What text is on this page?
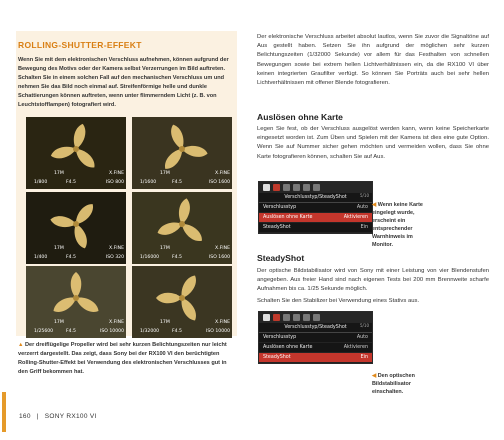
ROLLING-SHUTTER-EFFEKT
Wenn Sie mit dem elektronischen Verschluss aufnehmen, können aufgrund der Bewegung des Motivs oder der Kamera selbst Verzerrungen im Bild auftreten. Schalten Sie in einem solchen Fall auf den mechanischen Verschluss um und nehmen Sie das Bild noch einmal auf. Streifenförmige helle und dunkle Schattierungen können auftreten, wenn unter flimmerndem Licht (z. B. von Leuchtstofflampen) fotografiert wird.
17M	X.FINE
1/800	F4.5	ISO 800
17M	X.FINE
1/1600	F4.5	ISO 1600
17M	X.FINE
1/400	F4.5	ISO 320
17M	X.FINE
1/16000	F4.5	ISO 1600
17M	X.FINE
1/25600	F4.5	ISO 10000
17M	X.FINE
1/32000	F4.5	ISO 10000
▲ Der dreiflügelige Propeller wird bei sehr kurzen Belichtungszeiten nur leicht verzerrt dargestellt. Das zeigt, dass Sony bei der RX100 VI den berüchtigten Rolling-Shutter-Effekt bei Verwendung des elektronischen Verschlusses gut in den Griff bekommen hat.
160 | SONY RX100 VI
Der elektronische Verschluss arbeitet absolut lautlos, wenn Sie zuvor die Signaltöne auf Aus gestellt haben. Setzen Sie ihn aufgrund der möglichen sehr kurzen Belichtungszeiten (1/32000 Sekunde) vor allem für das Festhalten von schnellen Bewegungen sowie bei extrem hellen Lichtverhältnissen ein, da die RX100 VI über keinen integrierten Graufilter verfügt. So können Sie Porträts auch bei sehr hellen Lichtverhältnissen mit offener Blende fotografieren.
Auslösen ohne Karte
Legen Sie fest, ob der Verschluss ausgelöst werden kann, wenn keine Speicherkarte eingesetzt worden ist. Zum Üben und Spielen mit der Kamera ist dies eine gute Option. Wenn Sie auf Nummer sicher gehen möchten und vermeiden wollen, dass Sie ohne Karte fotografieren können, schalten Sie auf Aus.
Verschlusstyp/SteadyShot	5/10
Verschlusstyp	Auto
Auslösen ohne Karte	Aktivieren
SteadyShot	Ein
◀ Wenn keine Karte eingelegt wurde, erscheint ein entsprechender Warnhinweis im Monitor.
SteadyShot
Der optische Bildstabilisator wird von Sony mit einer Leistung von vier Blendenstufen angegeben. Aus freier Hand sind nach eigenen Tests bei 200 mm Brennweite scharfe Aufnahmen bis ca. 1/25 Sekunde möglich.
Schalten Sie den Stabilizer bei Verwendung eines Stativs aus.
Verschlusstyp/SteadyShot	5/10
Verschlusstyp	Auto
Auslösen ohne Karte	Aktivieren
SteadyShot	Ein
◀ Den optischen Bildstabilisator einschalten.
